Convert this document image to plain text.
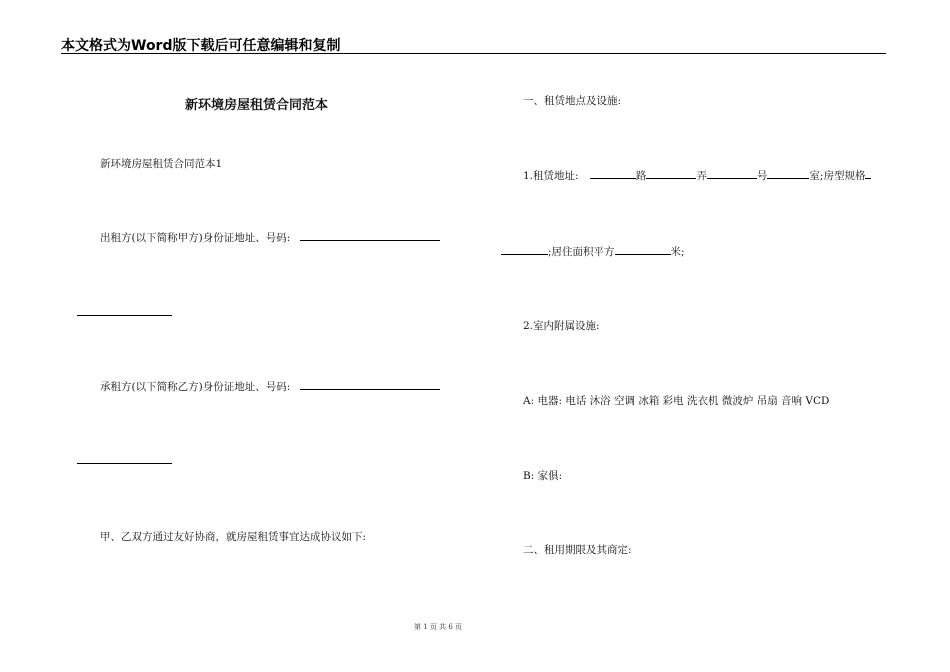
本文格式为Word版下载后可任意编辑和复制
新环境房屋租赁合同范本
新环境房屋租赁合同范本1
出租方(以下简称甲方)身份证地址、号码:
承租方(以下简称乙方)身份证地址、号码:
甲、乙双方通过友好协商，就房屋租赁事宜达成协议如下:
一、租赁地点及设施:
1.租赁地址:	路	弄	号	室;房型规格
;居住面积平方	米;
2.室内附属设施:
A: 电器: 电话 沐浴 空调 冰箱 彩电 洗衣机 微波炉 吊扇 音响 VCD
B: 家俱:
二、租用期限及其商定:
第 1 页 共 6 页
